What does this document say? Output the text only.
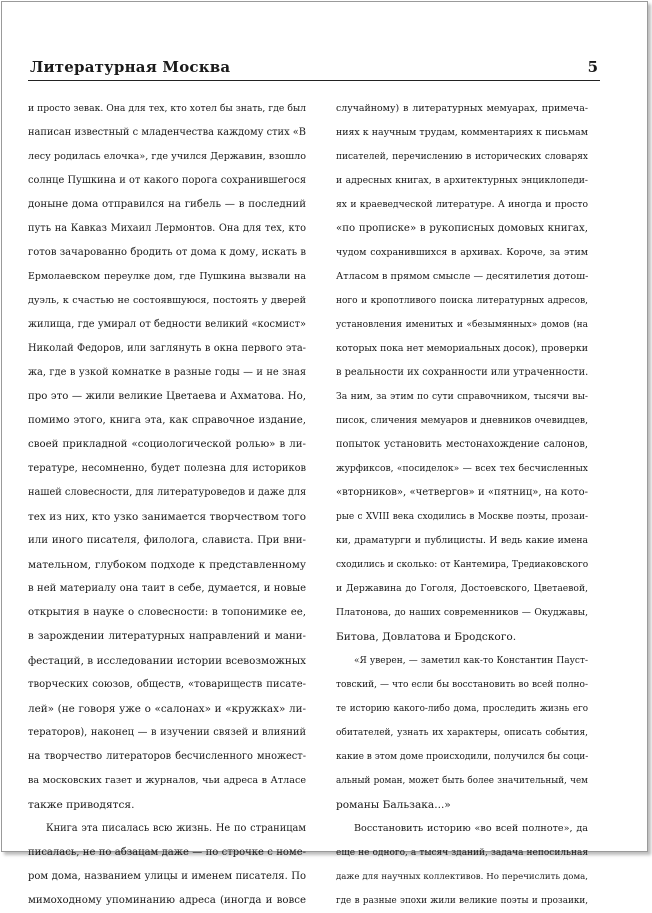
Литературная Москва	5
и просто зевак. Она для тех, кто хотел бы знать, где был
написан известный с младенчества каждому стих «В
лесу родилась елочка», где учился Державин, взошло
солнце Пушкина и от какого порога сохранившегося
доныне дома отправился на гибель — в последний
путь на Кавказ Михаил Лермонтов. Она для тех, кто
готов зачарованно бродить от дома к дому, искать в
Ермолаевском переулке дом, где Пушкина вызвали на
дуэль, к счастью не состоявшуюся, постоять у дверей
жилища, где умирал от бедности великий «космист»
Николай Федоров, или заглянуть в окна первого эта-
жа, где в узкой комнатке в разные годы — и не зная
про это — жили великие Цветаева и Ахматова. Но,
помимо этого, книга эта, как справочное издание,
своей прикладной «социологической ролью» в ли-
тературе, несомненно, будет полезна для историков
нашей словесности, для литературоведов и даже для
тех из них, кто узко занимается творчеством того
или иного писателя, филолога, слависта. При вни-
мательном, глубоком подходе к представленному
в ней материалу она таит в себе, думается, и новые
открытия в науке о словесности: в топонимике ее,
в зарождении литературных направлений и мани-
фестаций, в исследовании истории всевозможных
творческих союзов, обществ, «товариществ писате-
лей» (не говоря уже о «салонах» и «кружках» ли-
тераторов), наконец — в изучении связей и влияний
на творчество литераторов бесчисленного множест-
ва московских газет и журналов, чьи адреса в Атласе
также приводятся.
Книга эта писалась всю жизнь. Не по страницам
писалась, не по абзацам даже — по строчке с номе-
ром дома, названием улицы и именем писателя. По
мимоходному упоминанию адреса (иногда и вовсе
случайному) в литературных мемуарах, примеча-
ниях к научным трудам, комментариях к письмам
писателей, перечислению в исторических словарях
и адресных книгах, в архитектурных энциклопеди-
ях и краеведческой литературе. А иногда и просто
«по прописке» в рукописных домовых книгах,
чудом сохранившихся в архивах. Короче, за этим
Атласом в прямом смысле — десятилетия дотош-
ного и кропотливого поиска литературных адресов,
установления именитых и «безымянных» домов (на
которых пока нет мемориальных досок), проверки
в реальности их сохранности или утраченности.
За ним, за этим по сути справочником, тысячи вы-
писок, сличения мемуаров и дневников очевидцев,
попыток установить местонахождение салонов,
журфиксов, «посиделок» — всех тех бесчисленных
«вторников», «четвергов» и «пятниц», на кото-
рые с XVIII века сходились в Москве поэты, прозаи-
ки, драматурги и публицисты. И ведь какие имена
сходились и сколько: от Кантемира, Тредиаковского
и Державина до Гоголя, Достоевского, Цветаевой,
Платонова, до наших современников — Окуджавы,
Битова, Довлатова и Бродского.
«Я уверен, — заметил как-то Константин Пауст-
товский, — что если бы восстановить во всей полно-
те историю какого-либо дома, проследить жизнь его
обитателей, узнать их характеры, описать события,
какие в этом доме происходили, получился бы соци-
альный роман, может быть более значительный, чем
романы Бальзака...»
Восстановить историю «во всей полноте», да
еще не одного, а тысяч зданий, задача непосильная
даже для научных коллективов. Но перечислить дома,
где в разные эпохи жили великие поэты и прозаики,
